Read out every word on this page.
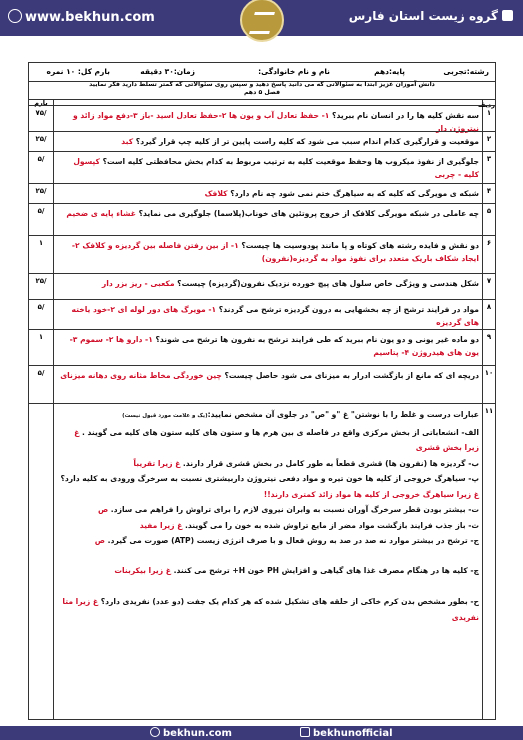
www.bekhun.com	گروه زیست استان فارس
رشته:تجربی
پایه:دهم
نام و نام خانوادگی:
زمان:۳۰ دقیقه
بارم کل: ۱۰ نمره
دانش آموزان عزیز ابتدا به سئوالاتی که می دانید پاسخ دهید و سپس روی سئوالاتی که کمتر تسلط دارید فکر نمایید
فصل ۵ دهم
ردیف
بارم
۱
۷۵/	سه نقش کلیه ها را در انسان نام ببرید؟ ۱- حفظ تعادل آب و یون ها ۲-حفظ تعادل اسید -باز ۳-دفع مواد زائد و نیتروژن دار
۲
۲۵/	موقعیت و قرارگیری کدام اندام سبب می شود که کلیه راست پایین تر از کلیه چپ قرار گیرد؟ کبد
۳
۵/	جلوگیری از نفوذ میکروب ها وحفظ موقعیت کلیه به ترتیب مربوط به کدام بخش محافظتی کلیه است؟ کپسول کلیه - چربی
۴
۲۵/	شبکه ی مویرگی که کلیه که به سیاهرگ ختم نمی شود چه نام دارد؟ کلافک
۵
۵/	چه عاملی در شبکه مویرگی کلافک از خروج پروتئین های خوناب(پلاسما) جلوگیری می نماید؟ غشاء پایه ی ضخیم
۶
۱	دو نقش و فایده رشته های کوتاه و پا مانند پودوسیت ها چیست؟ ۱- از بین رفتن فاصله بین گردیزه و کلافک ۲- ایجاد شکاف باریک متعدد برای نفوذ مواد به گردیزه(نفرون)
۷
۲۵/	شکل هندسی و ویژگی خاص سلول های پیچ خورده نزدیک نفرون(گردیزه) چیست؟ مکعبی - ریز بزر دار
۸
۵/	مواد در فرایند ترشح از چه بخشهایی به درون گردیزه ترشح می گردند؟ ۱- مویرگ های دور لوله ای ۲-خود یاخته های گردیزه
۹
۱	دو ماده غیر یونی و دو یون نام ببرید که طی فرایند ترشح به نفرون ها ترشح می شوند؟ ۱- دارو ها ۲- سموم ۳- یون های هیدروژن ۴- پتاسیم
۱۰
۵/	دریچه ای که مانع از بازگشت ادرار به میزنای می شود حاصل چیست؟ چین خوردگی مخاط مثانه روی دهانه میزنای
۱۱
عبارات درست و غلط را با نوشتن" غ "و "ص" در جلوی آن مشخص نمایید:(یک و علامت مورد قبول نیست)
الف- انشعاباتی از بخش مرکزی واقع در فاصله ی بین هرم ها و ستون های کلیه ستون های کلیه می گویند . غ زیرا بخش قشری
ب- گردیزه ها (نفرون ها) قشری قطعاً به طور کامل در بخش قشری قرار دارند. غ زیرا تقریباً
پ- سیاهرگ خروجی از کلیه ها خون تیره و مواد دفعی نیتروژن داربیشتری نسبت به سرخرگ ورودی به کلیه دارد؟ غ زیرا سیاهرگ خروجی از کلیه ها مواد زائد کمتری دارند!!
ت- بیشتر بودن قطر سرخرگ آوران نسبت به وابران نیروی لازم را برای تراوش را فراهم می سازد. ص
ث- باز جذب فرایند بازگشت مواد مضر از مایع تراوش شده به خون را می گویند. غ زیرا مفید
ج- ترشح در بیشتر موارد نه صد در صد به روش فعال و با صرف انرژی زیست (ATP) صورت می گیرد. ص
چ- کلیه ها در هنگام مصرف غذا های گیاهی و افزایش PH خون H+ ترشح می کنند. غ زیرا بیکربنات
ح- بطور مشخص بدن کرم خاکی از حلقه های تشکیل شده که هر کدام یک جفت (دو عدد) نفریدی دارد؟ غ زیرا متا نفریدی
bekhun.com	bekhunofficial
